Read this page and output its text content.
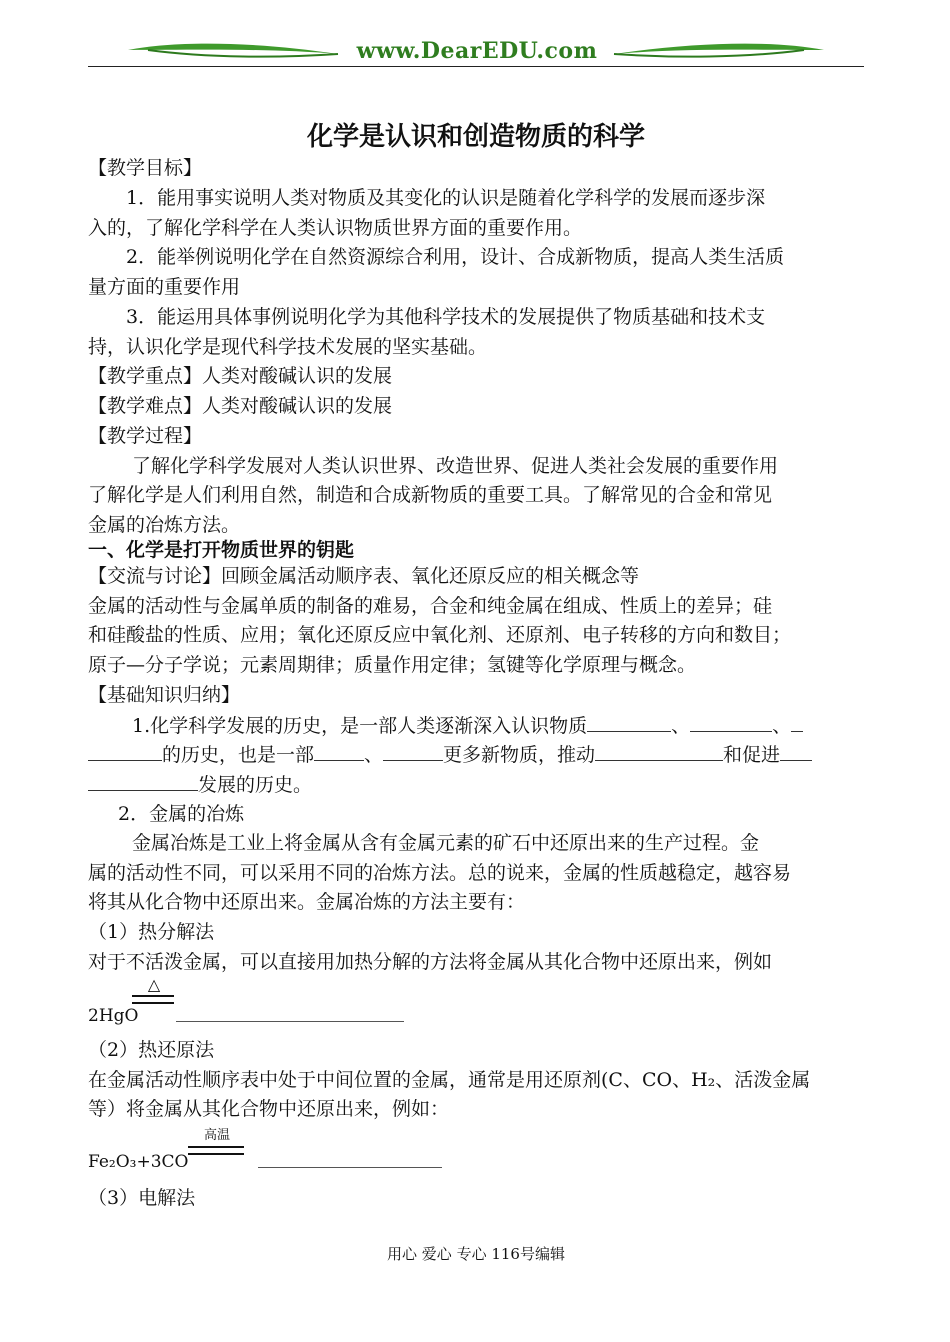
www.DearEDU.com
化学是认识和创造物质的科学
【教学目标】
1．能用事实说明人类对物质及其变化的认识是随着化学科学的发展而逐步深
入的，了解化学科学在人类认识物质世界方面的重要作用。
2．能举例说明化学在自然资源综合利用，设计、合成新物质，提高人类生活质
量方面的重要作用
3．能运用具体事例说明化学为其他科学技术的发展提供了物质基础和技术支
持，认识化学是现代科学技术发展的坚实基础。
【教学重点】人类对酸碱认识的发展
【教学难点】人类对酸碱认识的发展
【教学过程】
了解化学科学发展对人类认识世界、改造世界、促进人类社会发展的重要作用
了解化学是人们利用自然，制造和合成新物质的重要工具。了解常见的合金和常见
金属的冶炼方法。
一、化学是打开物质世界的钥匙
【交流与讨论】回顾金属活动顺序表、氧化还原反应的相关概念等
金属的活动性与金属单质的制备的难易，合金和纯金属在组成、性质上的差异；硅
和硅酸盐的性质、应用；氧化还原反应中氧化剂、还原剂、电子转移的方向和数目；
原子—分子学说；元素周期律；质量作用定律；氢键等化学原理与概念。
【基础知识归纳】
1.化学科学发展的历史，是一部人类逐渐深入认识物质	、	、
的历史，也是一部	、	更多新物质，推动	和促进
发展的历史。
2．金属的冶炼
金属冶炼是工业上将金属从含有金属元素的矿石中还原出来的生产过程。金
属的活动性不同，可以采用不同的冶炼方法。总的说来，金属的性质越稳定，越容易
将其从化合物中还原出来。金属冶炼的方法主要有：
（1）热分解法
对于不活泼金属，可以直接用加热分解的方法将金属从其化合物中还原出来，例如
△
2HgO
（2）热还原法
在金属活动性顺序表中处于中间位置的金属，通常是用还原剂(C、CO、H₂、活泼金属
等）将金属从其化合物中还原出来，例如：
高温
Fe₂O₃+3CO
（3）电解法
用心 爱心 专心 116号编辑
